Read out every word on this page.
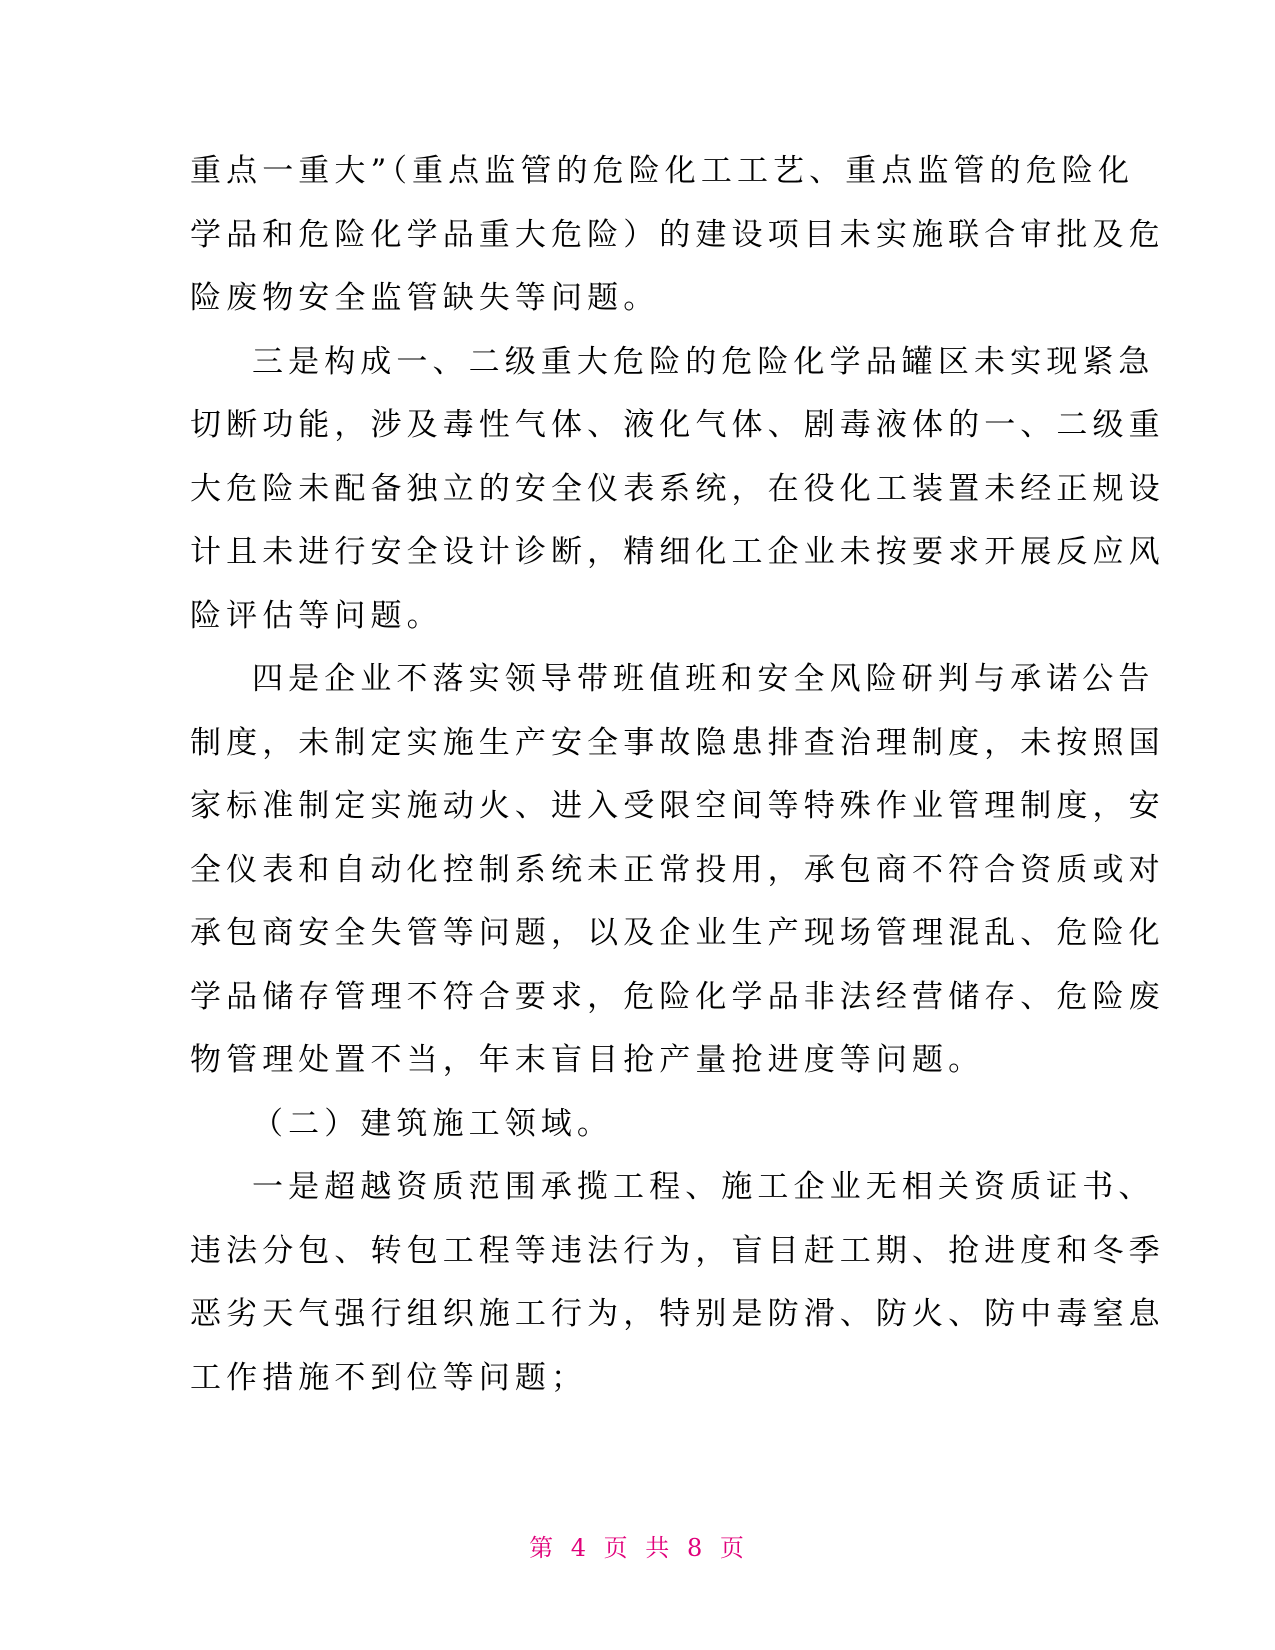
重点一重大”（重点监管的危险化工工艺、重点监管的危险化
学品和危险化学品重大危险）的建设项目未实施联合审批及危
险废物安全监管缺失等问题。
三是构成一、二级重大危险的危险化学品罐区未实现紧急
切断功能，涉及毒性气体、液化气体、剧毒液体的一、二级重
大危险未配备独立的安全仪表系统，在役化工装置未经正规设
计且未进行安全设计诊断，精细化工企业未按要求开展反应风
险评估等问题。
四是企业不落实领导带班值班和安全风险研判与承诺公告
制度，未制定实施生产安全事故隐患排查治理制度，未按照国
家标准制定实施动火、进入受限空间等特殊作业管理制度，安
全仪表和自动化控制系统未正常投用，承包商不符合资质或对
承包商安全失管等问题，以及企业生产现场管理混乱、危险化
学品储存管理不符合要求，危险化学品非法经营储存、危险废
物管理处置不当，年末盲目抢产量抢进度等问题。
（二）建筑施工领域。
一是超越资质范围承揽工程、施工企业无相关资质证书、
违法分包、转包工程等违法行为，盲目赶工期、抢进度和冬季
恶劣天气强行组织施工行为，特别是防滑、防火、防中毒窒息
工作措施不到位等问题；
第 4 页 共 8 页
